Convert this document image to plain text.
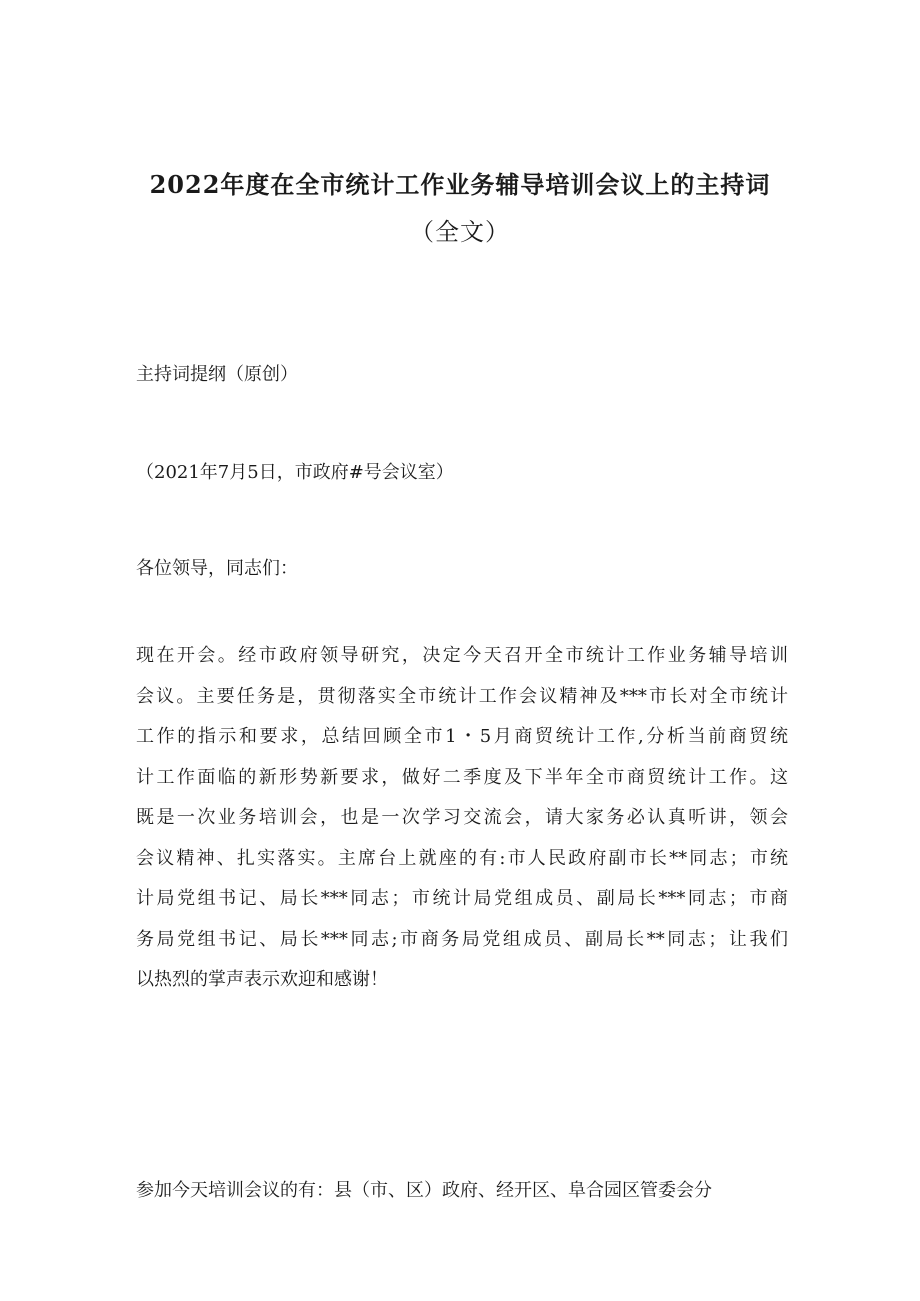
2022年度在全市统计工作业务辅导培训会议上的主持词
（全文）

主持词提纲（原创）

（2021年7月5日，市政府#号会议室）

各位领导，同志们：

现在开会。经市政府领导研究，决定今天召开全市统计工作业务辅导培训
会议。主要任务是，贯彻落实全市统计工作会议精神及***市长对全市统计
工作的指示和要求，总结回顾全市1・5月商贸统计工作,分析当前商贸统
计工作面临的新形势新要求，做好二季度及下半年全市商贸统计工作。这
既是一次业务培训会，也是一次学习交流会，请大家务必认真听讲，领会
会议精神、扎实落实。主席台上就座的有:市人民政府副市长**同志；市统
计局党组书记、局长***同志；市统计局党组成员、副局长***同志；市商
务局党组书记、局长***同志;市商务局党组成员、副局长**同志；让我们
以热烈的掌声表示欢迎和感谢！

参加今天培训会议的有：县（市、区）政府、经开区、阜合园区管委会分
